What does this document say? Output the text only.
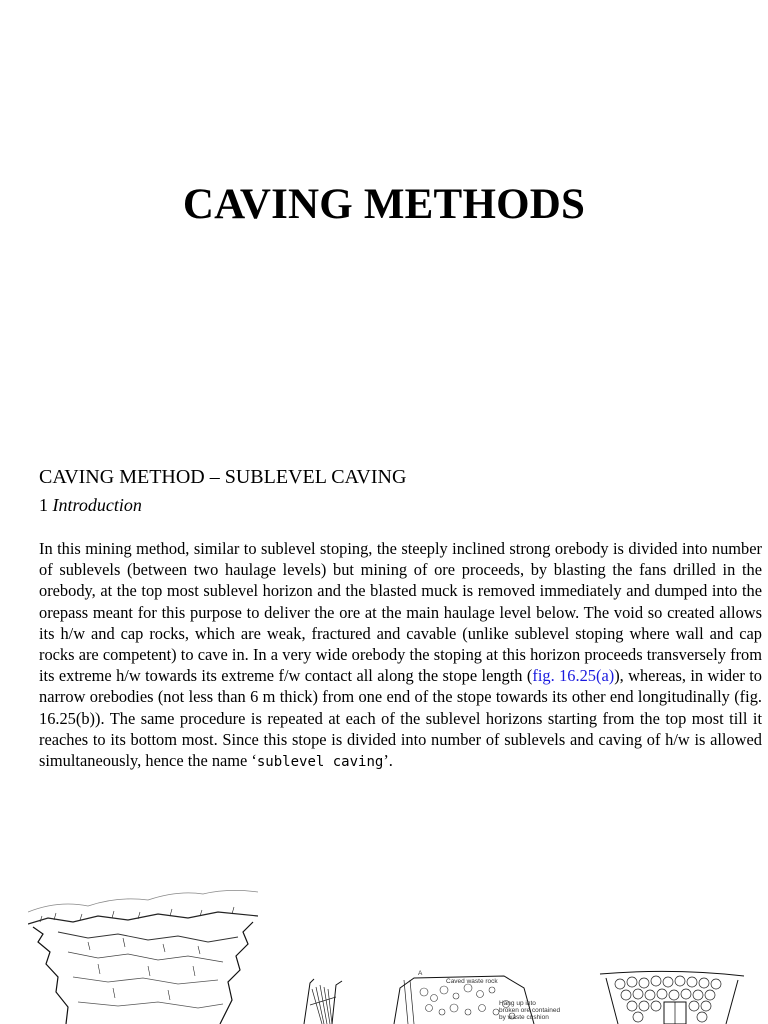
CAVING METHODS
CAVING METHOD – SUBLEVEL CAVING

1 Introduction

In this mining method, similar to sublevel stoping, the steeply inclined strong orebody is divided into number of sublevels (between two haulage levels) but mining of ore proceeds, by blasting the fans drilled in the orebody, at the top most sublevel horizon and the blasted muck is removed immediately and dumped into the orepass meant for this purpose to deliver the ore at the main haulage level below. The void so created allows its h/w and cap rocks, which are weak, fractured and cavable (unlike sublevel stoping where wall and cap rocks are competent) to cave in. In a very wide orebody the stoping at this horizon proceeds transversely from its extreme h/w towards its extreme f/w contact all along the stope length (fig. 16.25(a)), whereas, in wider to narrow orebodies (not less than 6 m thick) from one end of the stope towards its other end longitudinally (fig. 16.25(b)). The same procedure is repeated at each of the sublevel horizons starting from the top most till it reaches to its bottom most. Since this stope is divided into number of sublevels and caving of h/w is allowed simultaneously, hence the name ‘sublevel caving’.

A
Caved waste rock
Hang up into broken ore contained by waste cushion
